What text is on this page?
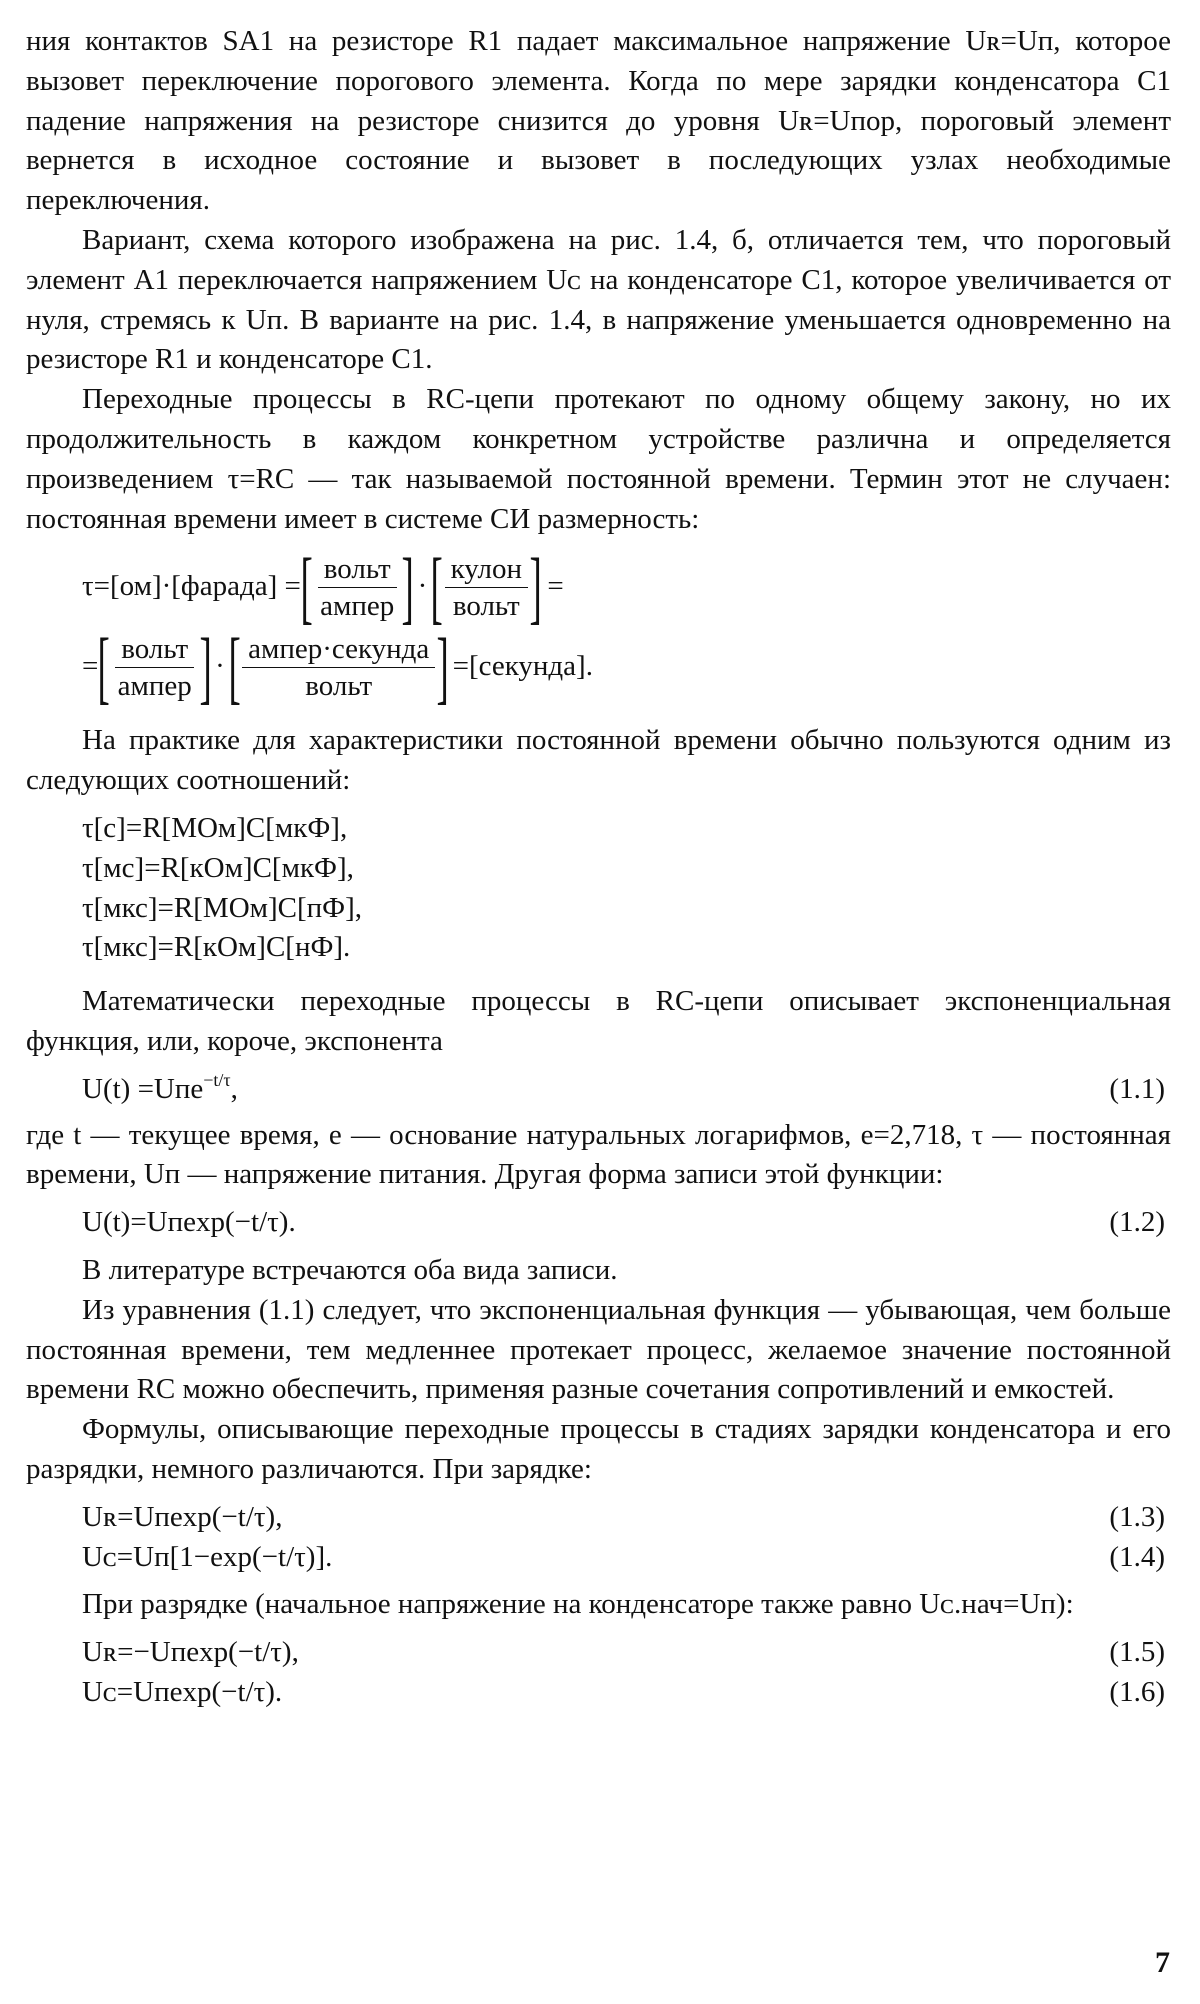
ния контактов SA1 на резисторе R1 падает максимальное напряжение Uʀ=Uп, которое вызовет переключение порогового элемента. Когда по мере зарядки конденсатора С1 падение напряжения на резисторе снизится до уровня Uʀ=Uпор, пороговый элемент вернется в исходное состояние и вызовет в последующих узлах необходимые переключения.

Вариант, схема которого изображена на рис. 1.4, б, отличается тем, что пороговый элемент А1 переключается напряжением Uᴄ на конденсаторе С1, которое увеличивается от нуля, стремясь к Uп. В варианте на рис. 1.4, в напряжение уменьшается одновременно на резисторе R1 и конденсаторе С1.

Переходные процессы в RC-цепи протекают по одному общему закону, но их продолжительность в каждом конкретном устройстве различна и определяется произведением τ=RC — так называемой постоянной времени. Термин этот не случаен: постоянная времени имеет в системе СИ размерность:

τ=[ом]·[фарада] = [ $\frac{\text{вольт}}{\text{ампер}}$ ] · [ $\frac{\text{кулон}}{\text{вольт}}$ ] =
= [ $\frac{\text{вольт}}{\text{ампер}}$ ] · [ $\frac{\text{ампер·секунда}}{\text{вольт}}$ ] =[секунда].

На практике для характеристики постоянной времени обычно пользуются одним из следующих соотношений:

τ[с]=R[МОм]С[мкФ],
τ[мс]=R[кОм]С[мкФ],
τ[мкс]=R[МОм]С[пФ],
τ[мкс]=R[кОм]С[нФ].

Математически переходные процессы в RC-цепи описывает экспоненциальная функция, или, короче, экспонента

U(t) =Uпe$^{-t/\tau}$,	(1.1)

где t — текущее время, е — основание натуральных логарифмов, е=2,718, τ — постоянная времени, Uп — напряжение питания. Другая форма записи этой функции:

U(t)=Uпexp(−t/τ).	(1.2)

В литературе встречаются оба вида записи.

Из уравнения (1.1) следует, что экспоненциальная функция — убывающая, чем больше постоянная времени, тем медленнее протекает процесс, желаемое значение постоянной времени RC можно обеспечить, применяя разные сочетания сопротивлений и емкостей.

Формулы, описывающие переходные процессы в стадиях зарядки конденсатора и его разрядки, немного различаются. При зарядке:

Uʀ=Uпexp(−t/τ),	(1.3)
Uᴄ=Uп[1−exp(−t/τ)].	(1.4)

При разрядке (начальное напряжение на конденсаторе также равно Uᴄ.нач=Uп):

Uʀ=−Uпexp(−t/τ),	(1.5)
Uᴄ=Uпexp(−t/τ).	(1.6)
7
